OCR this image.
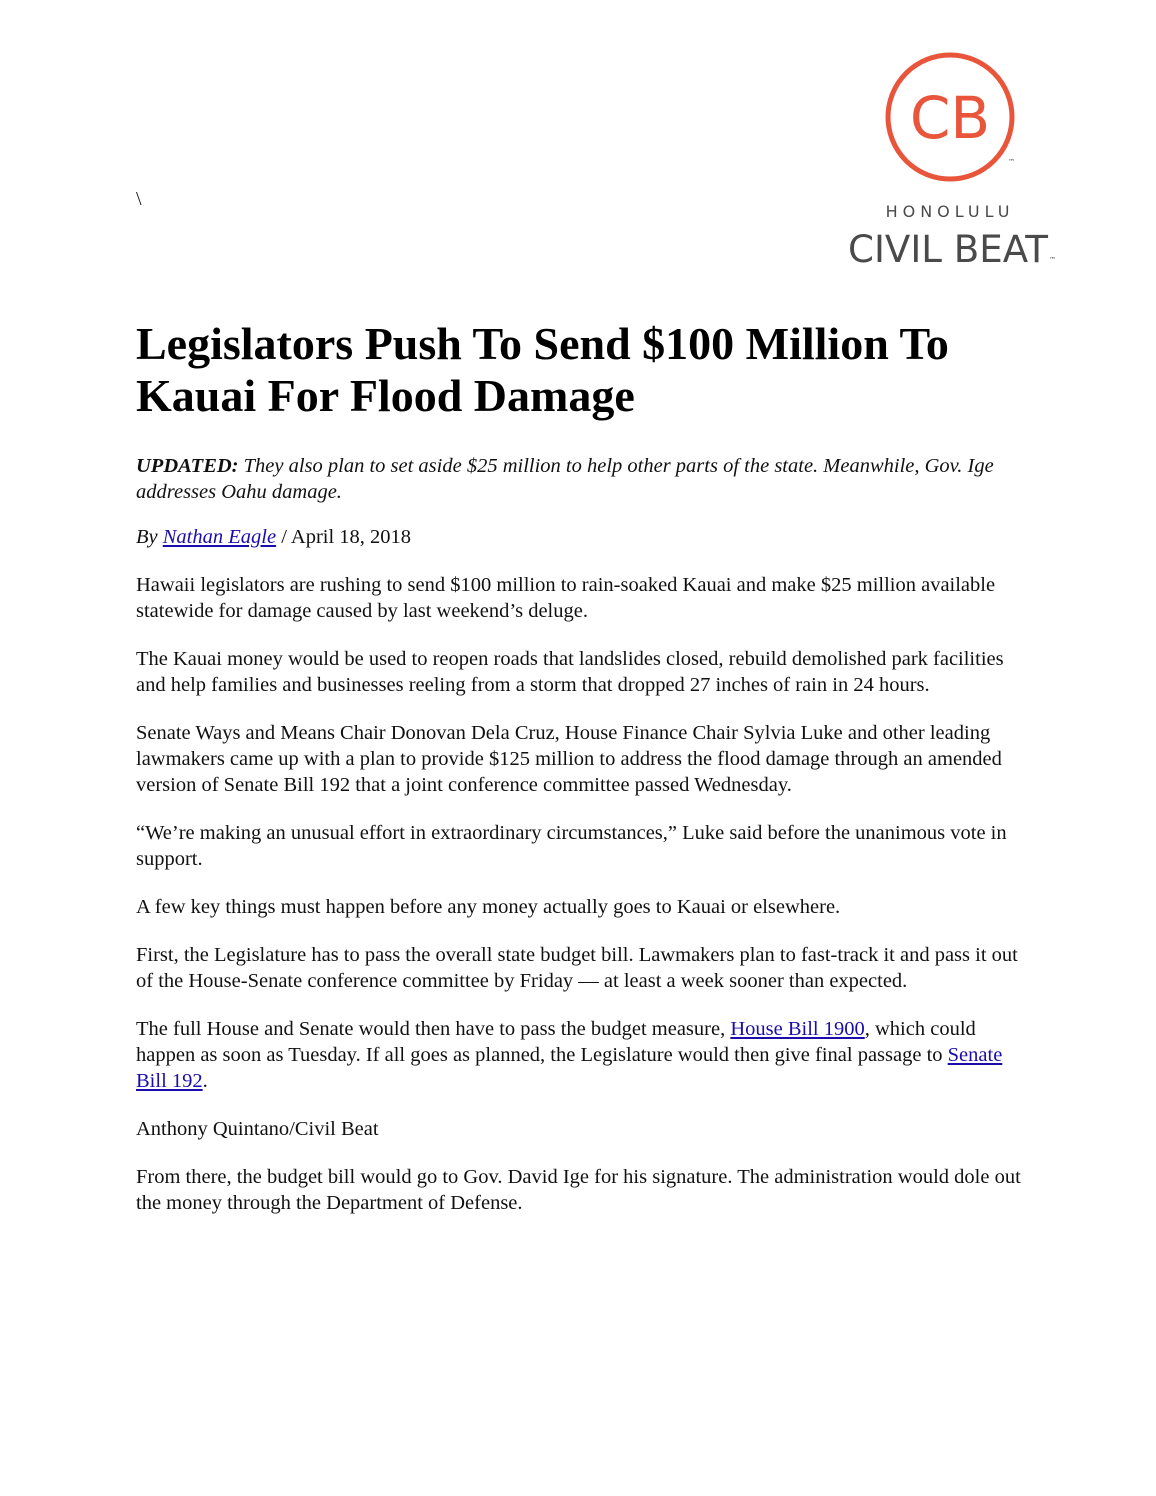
\
CB
™
HONOLULU
CIVIL BEAT ™
Legislators Push To Send $100 Million To Kauai For Flood Damage

UPDATED: They also plan to set aside $25 million to help other parts of the state. Meanwhile, Gov. Ige addresses Oahu damage.

By Nathan Eagle / April 18, 2018

Hawaii legislators are rushing to send $100 million to rain-soaked Kauai and make $25 million available statewide for damage caused by last weekend’s deluge.

The Kauai money would be used to reopen roads that landslides closed, rebuild demolished park facilities and help families and businesses reeling from a storm that dropped 27 inches of rain in 24 hours.

Senate Ways and Means Chair Donovan Dela Cruz, House Finance Chair Sylvia Luke and other leading lawmakers came up with a plan to provide $125 million to address the flood damage through an amended version of Senate Bill 192 that a joint conference committee passed Wednesday.

“We’re making an unusual effort in extraordinary circumstances,” Luke said before the unanimous vote in support.

A few key things must happen before any money actually goes to Kauai or elsewhere.

First, the Legislature has to pass the overall state budget bill. Lawmakers plan to fast-track it and pass it out of the House-Senate conference committee by Friday — at least a week sooner than expected.

The full House and Senate would then have to pass the budget measure, House Bill 1900, which could happen as soon as Tuesday. If all goes as planned, the Legislature would then give final passage to Senate Bill 192.

Anthony Quintano/Civil Beat

From there, the budget bill would go to Gov. David Ige for his signature. The administration would dole out the money through the Department of Defense.
